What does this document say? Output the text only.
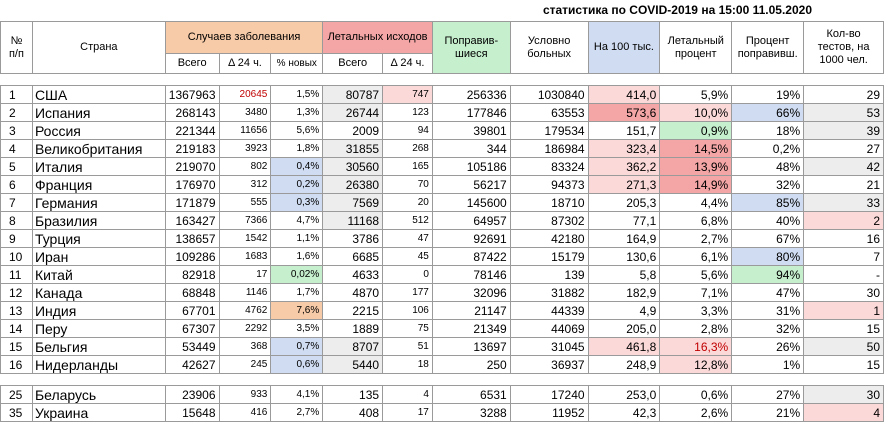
статистика по COVID-2019 на 15:00 11.05.2020
№ п/п	Страна	Случаев заболевания			Летальных исходов		Поправив-шиеся	Условно больных	На 100 тыс.	Летальный процент	Процент поправивш.	Кол-во тестов, на 1000 чел.
		Всего	Δ 24 ч.	% новых	Всего	Δ 24 ч.						

1	США	1367963	20645	1,5%	80787	747	256336	1030840	414,0	5,9%	19%	29
2	Испания	268143	3480	1,3%	26744	123	177846	63553	573,6	10,0%	66%	53
3	Россия	221344	11656	5,6%	2009	94	39801	179534	151,7	0,9%	18%	39
4	Великобритания	219183	3923	1,8%	31855	268	344	186984	323,4	14,5%	0,2%	27
5	Италия	219070	802	0,4%	30560	165	105186	83324	362,2	13,9%	48%	42
6	Франция	176970	312	0,2%	26380	70	56217	94373	271,3	14,9%	32%	21
7	Германия	171879	555	0,3%	7569	20	145600	18710	205,3	4,4%	85%	33
8	Бразилия	163427	7366	4,7%	11168	512	64957	87302	77,1	6,8%	40%	2
9	Турция	138657	1542	1,1%	3786	47	92691	42180	164,9	2,7%	67%	16
10	Иран	109286	1683	1,6%	6685	45	87422	15179	130,6	6,1%	80%	7
11	Китай	82918	17	0,02%	4633	0	78146	139	5,8	5,6%	94%	-
12	Канада	68848	1146	1,7%	4870	177	32096	31882	182,9	7,1%	47%	30
13	Индия	67701	4762	7,6%	2215	106	21147	44339	4,9	3,3%	31%	1
14	Перу	67307	2292	3,5%	1889	75	21349	44069	205,0	2,8%	32%	15
15	Бельгия	53449	368	0,7%	8707	51	13697	31045	461,8	16,3%	26%	50
16	Нидерланды	42627	245	0,6%	5440	18	250	36937	248,9	12,8%	1%	15

25	Беларусь	23906	933	4,1%	135	4	6531	17240	253,0	0,6%	27%	30
35	Украина	15648	416	2,7%	408	17	3288	11952	42,3	2,6%	21%	4
